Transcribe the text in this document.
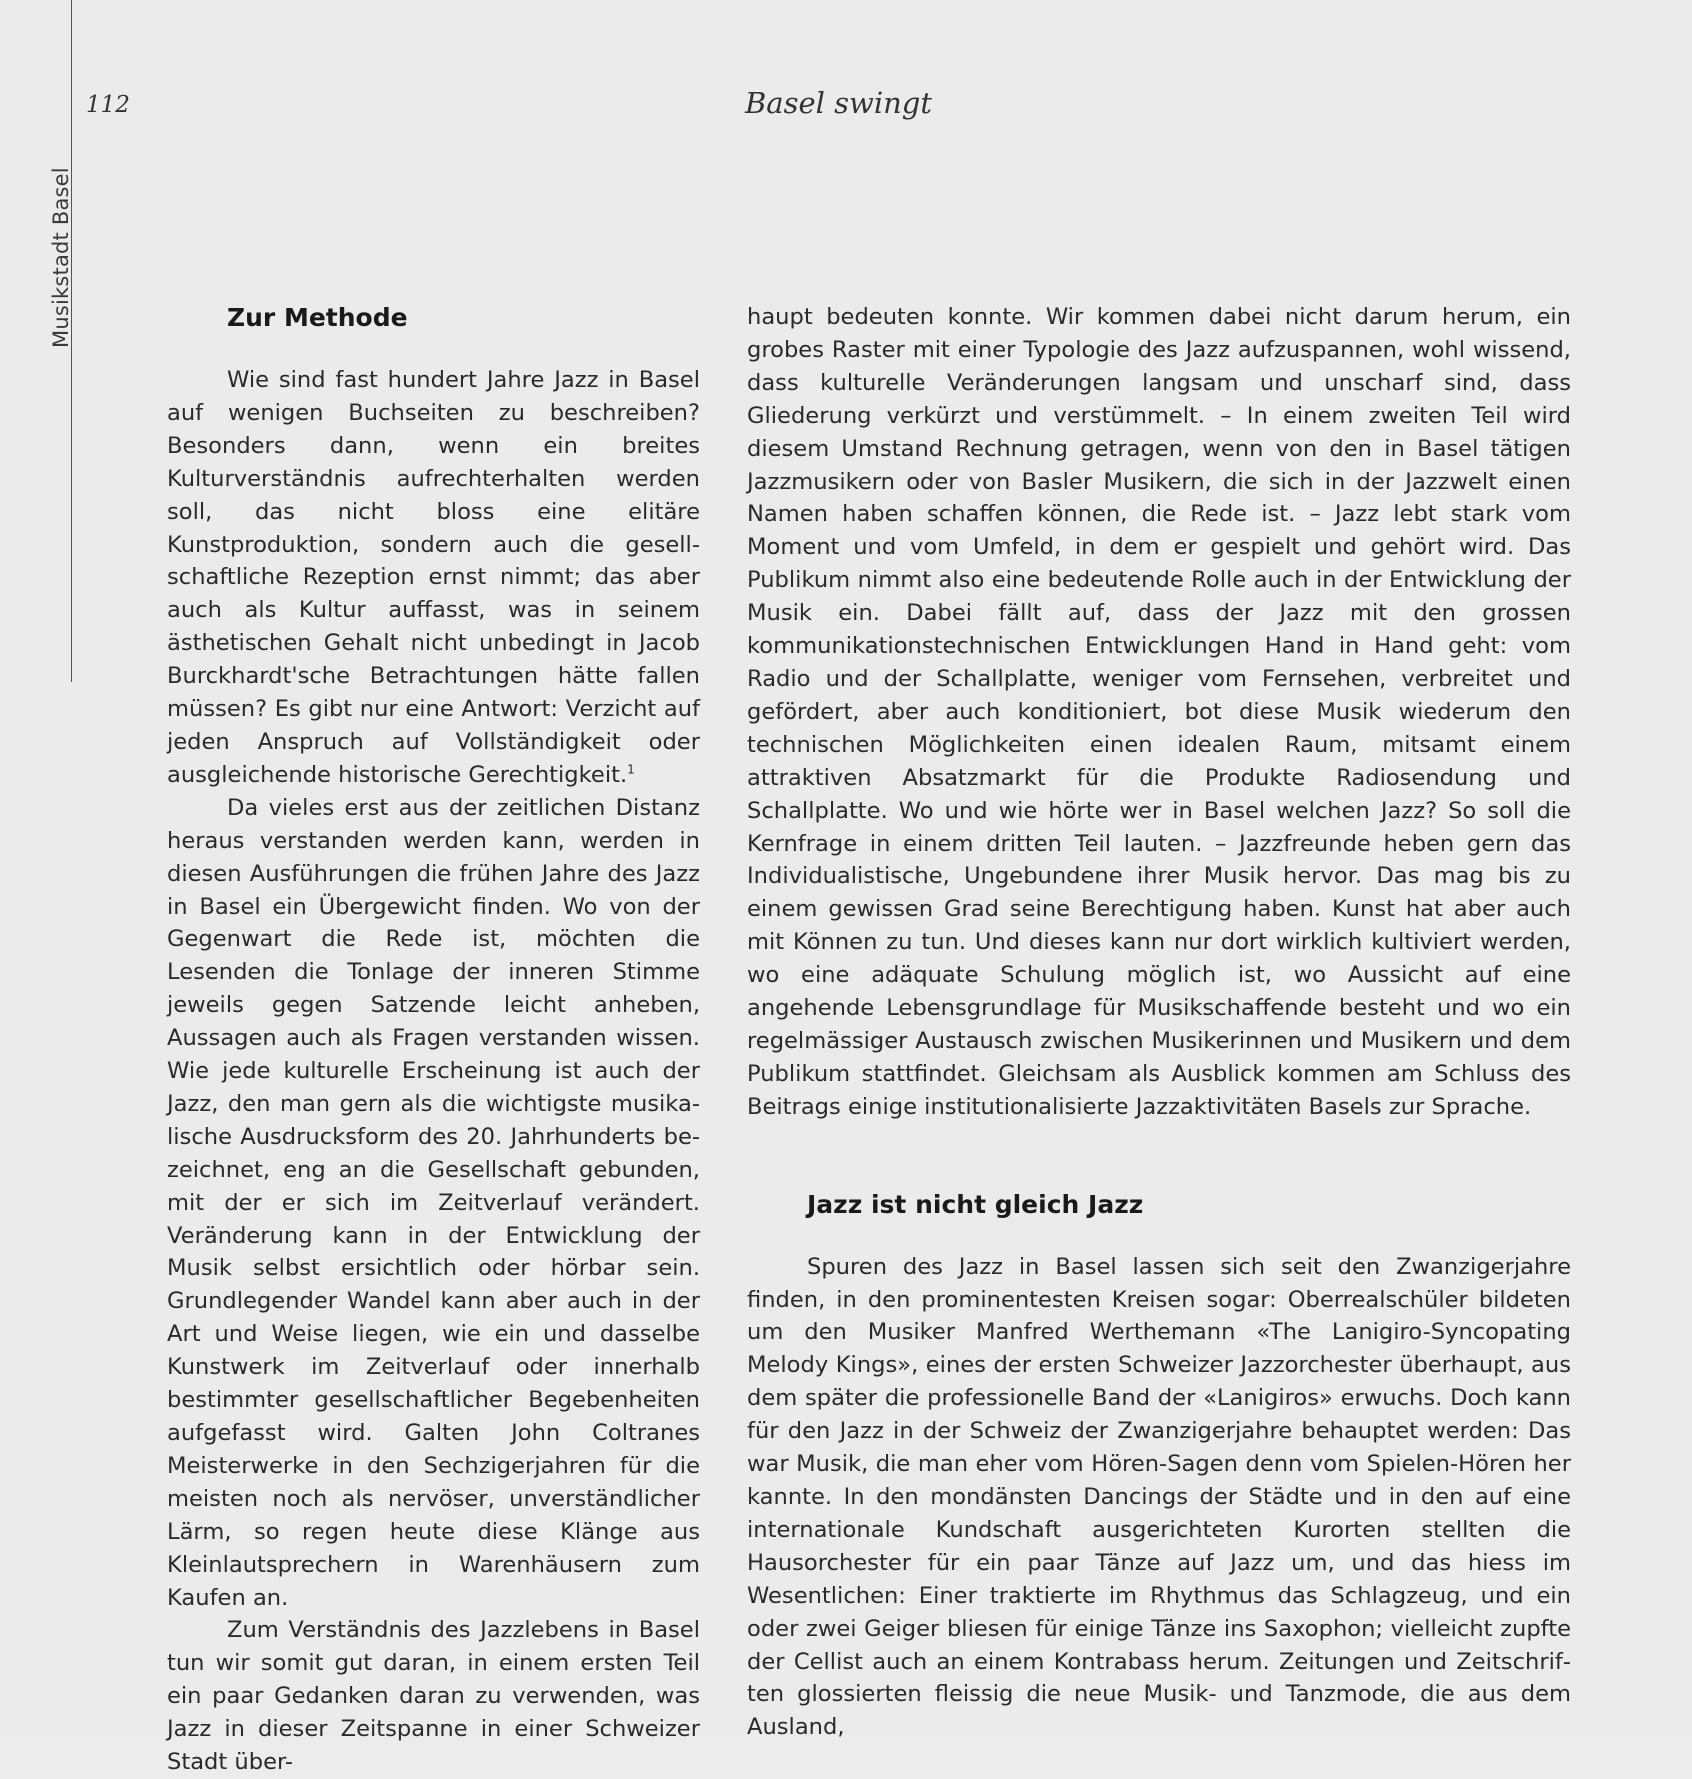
Musikstadt Basel
112	Basel swingt
Zur Methode

Wie sind fast hundert Jahre Jazz in Basel auf wenigen Buchseiten zu beschreiben? Besonders dann, wenn ein breites Kulturverständnis aufrechterhalten werden soll, das nicht bloss eine elitäre Kunstproduktion, sondern auch die gesellschaftliche Rezeption ernst nimmt; das aber auch als Kultur auffasst, was in seinem ästhetischen Gehalt nicht unbedingt in Jacob Burckhardt'sche Betrachtungen hätte fallen müssen? Es gibt nur eine Antwort: Verzicht auf jeden Anspruch auf Vollständigkeit oder ausgleichende historische Gerechtigkeit.$^1$

Da vieles erst aus der zeitlichen Distanz heraus verstanden werden kann, werden in diesen Ausführungen die frühen Jahre des Jazz in Basel ein Übergewicht finden. Wo von der Gegenwart die Rede ist, möchten die Lesenden die Tonlage der inneren Stimme jeweils gegen Satzende leicht anheben, Aussagen auch als Fragen verstanden wissen. Wie jede kulturelle Erscheinung ist auch der Jazz, den man gern als die wichtigste musikalische Ausdrucksform des 20. Jahrhunderts bezeichnet, eng an die Gesellschaft gebunden, mit der er sich im Zeitverlauf verändert. Veränderung kann in der Entwicklung der Musik selbst ersichtlich oder hörbar sein. Grundlegender Wandel kann aber auch in der Art und Weise liegen, wie ein und dasselbe Kunstwerk im Zeitverlauf oder innerhalb bestimmter gesellschaftlicher Begebenheiten aufgefasst wird. Galten John Coltranes Meisterwerke in den Sechzigerjahren für die meisten noch als nervöser, unverständlicher Lärm, so regen heute diese Klänge aus Kleinlautsprechern in Warenhäusern zum Kaufen an.

Zum Verständnis des Jazzlebens in Basel tun wir somit gut daran, in einem ersten Teil ein paar Gedanken daran zu verwenden, was Jazz in dieser Zeitspanne in einer Schweizer Stadt über-

haupt bedeuten konnte. Wir kommen dabei nicht darum herum, ein grobes Raster mit einer Typologie des Jazz aufzuspannen, wohl wissend, dass kulturelle Veränderungen langsam und unscharf sind, dass Gliederung verkürzt und verstümmelt. – In einem zweiten Teil wird diesem Umstand Rechnung getragen, wenn von den in Basel tätigen Jazzmusikern oder von Basler Musikern, die sich in der Jazzwelt einen Namen haben schaffen können, die Rede ist. – Jazz lebt stark vom Moment und vom Umfeld, in dem er gespielt und gehört wird. Das Publikum nimmt also eine bedeutende Rolle auch in der Entwicklung der Musik ein. Dabei fällt auf, dass der Jazz mit den grossen kommunikationstechnischen Entwicklungen Hand in Hand geht: vom Radio und der Schallplatte, weniger vom Fernsehen, verbreitet und gefördert, aber auch konditioniert, bot diese Musik wiederum den technischen Möglichkeiten einen idealen Raum, mitsamt einem attraktiven Absatzmarkt für die Produkte Radiosendung und Schallplatte. Wo und wie hörte wer in Basel welchen Jazz? So soll die Kernfrage in einem dritten Teil lauten. – Jazzfreunde heben gern das Individualistische, Ungebundene ihrer Musik hervor. Das mag bis zu einem gewissen Grad seine Berechtigung haben. Kunst hat aber auch mit Können zu tun. Und dieses kann nur dort wirklich kultiviert werden, wo eine adäquate Schulung möglich ist, wo Aussicht auf eine angehende Lebensgrundlage für Musikschaffende besteht und wo ein regelmässiger Austausch zwischen Musikerinnen und Musikern und dem Publikum stattfindet. Gleichsam als Ausblick kommen am Schluss des Beitrags einige institutionalisierte Jazzaktivitäten Basels zur Sprache.

Jazz ist nicht gleich Jazz

Spuren des Jazz in Basel lassen sich seit den Zwanzigerjahre finden, in den prominentesten Kreisen sogar: Oberrealschüler bildeten um den Musiker Manfred Werthemann «The Lanigiro-Syncopating Melody Kings», eines der ersten Schweizer Jazzorchester überhaupt, aus dem später die professionelle Band der «Lanigiros» erwuchs. Doch kann für den Jazz in der Schweiz der Zwanzigerjahre behauptet werden: Das war Musik, die man eher vom Hören-Sagen denn vom Spielen-Hören her kannte. In den mondänsten Dancings der Städte und in den auf eine internationale Kundschaft ausgerichteten Kurorten stellten die Hausorchester für ein paar Tänze auf Jazz um, und das hiess im Wesentlichen: Einer traktierte im Rhythmus das Schlagzeug, und ein oder zwei Geiger bliesen für einige Tänze ins Saxophon; vielleicht zupfte der Cellist auch an einem Kontrabass herum. Zeitungen und Zeitschriften glossierten fleissig die neue Musik- und Tanzmode, die aus dem Ausland,
